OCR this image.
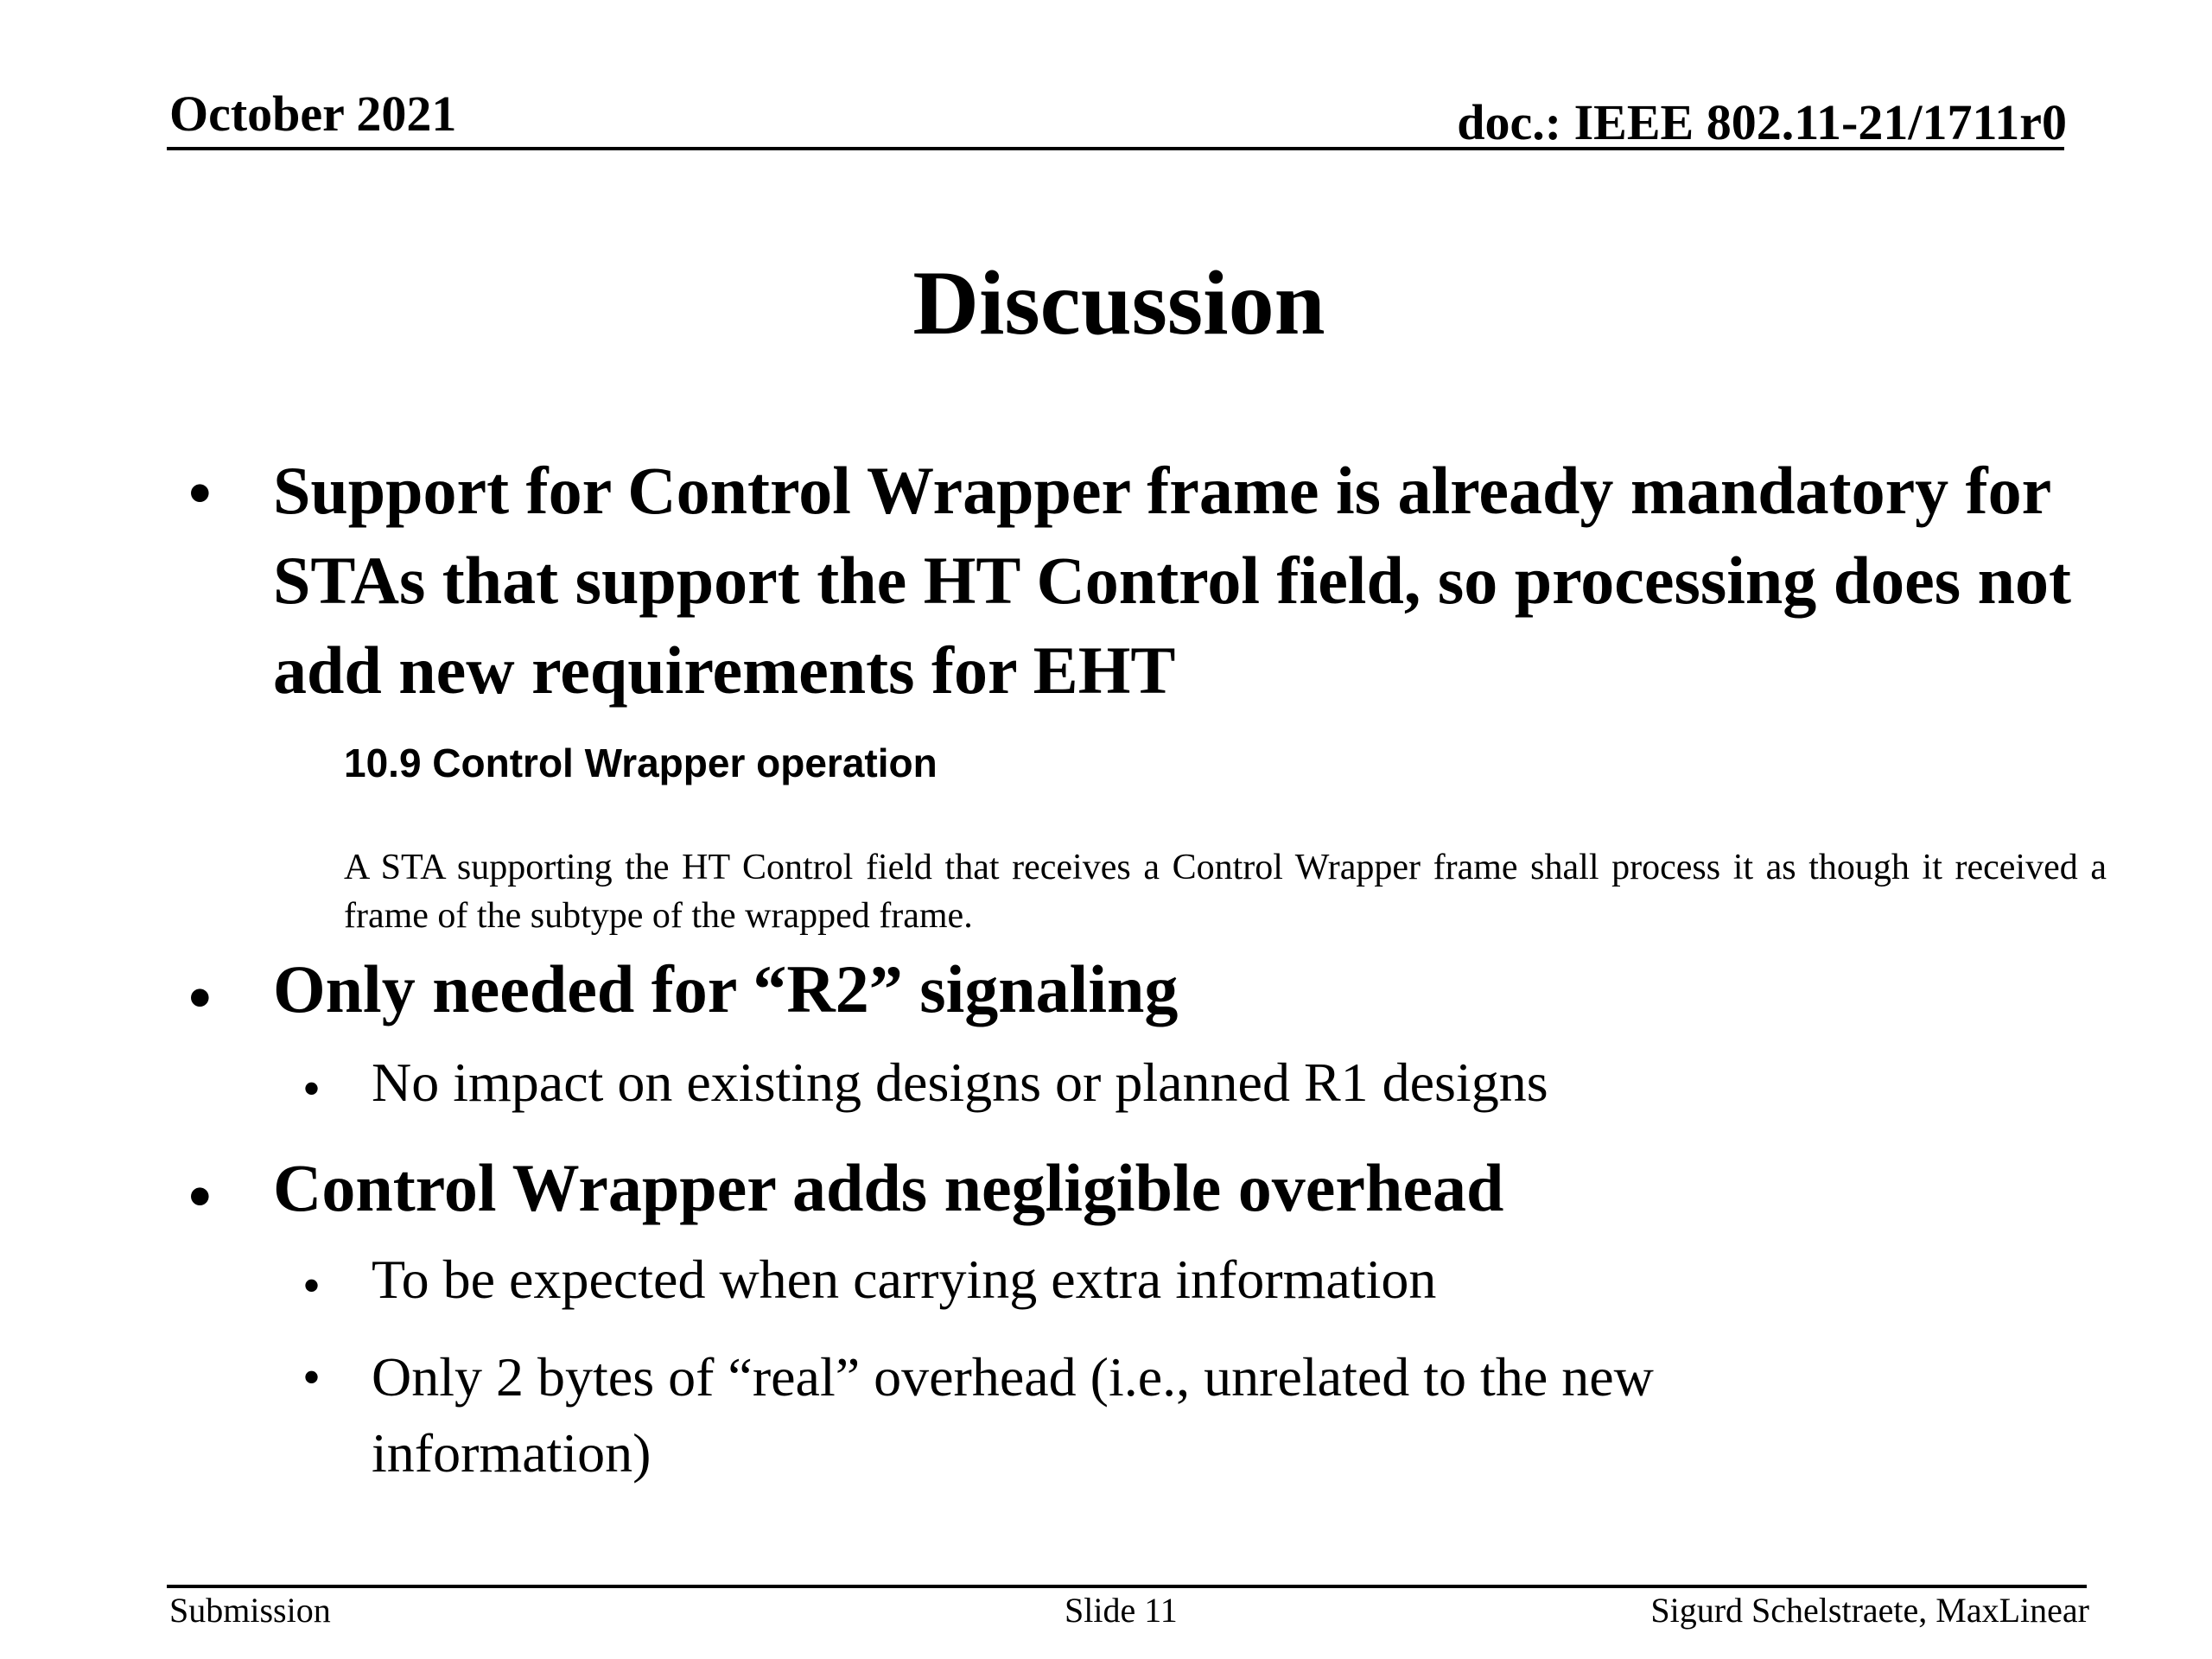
October 2021	doc.: IEEE 802.11-21/1711r0
Discussion
• Support for Control Wrapper frame is already mandatory for STAs that support the HT Control field, so processing does not add new requirements for EHT
10.9 Control Wrapper operation
A STA supporting the HT Control field that receives a Control Wrapper frame shall process it as though it received a frame of the subtype of the wrapped frame.
• Only needed for “R2” signaling
• No impact on existing designs or planned R1 designs
• Control Wrapper adds negligible overhead
• To be expected when carrying extra information
• Only 2 bytes of “real” overhead (i.e., unrelated to the new information)
Submission	Slide 11	Sigurd Schelstraete, MaxLinear
